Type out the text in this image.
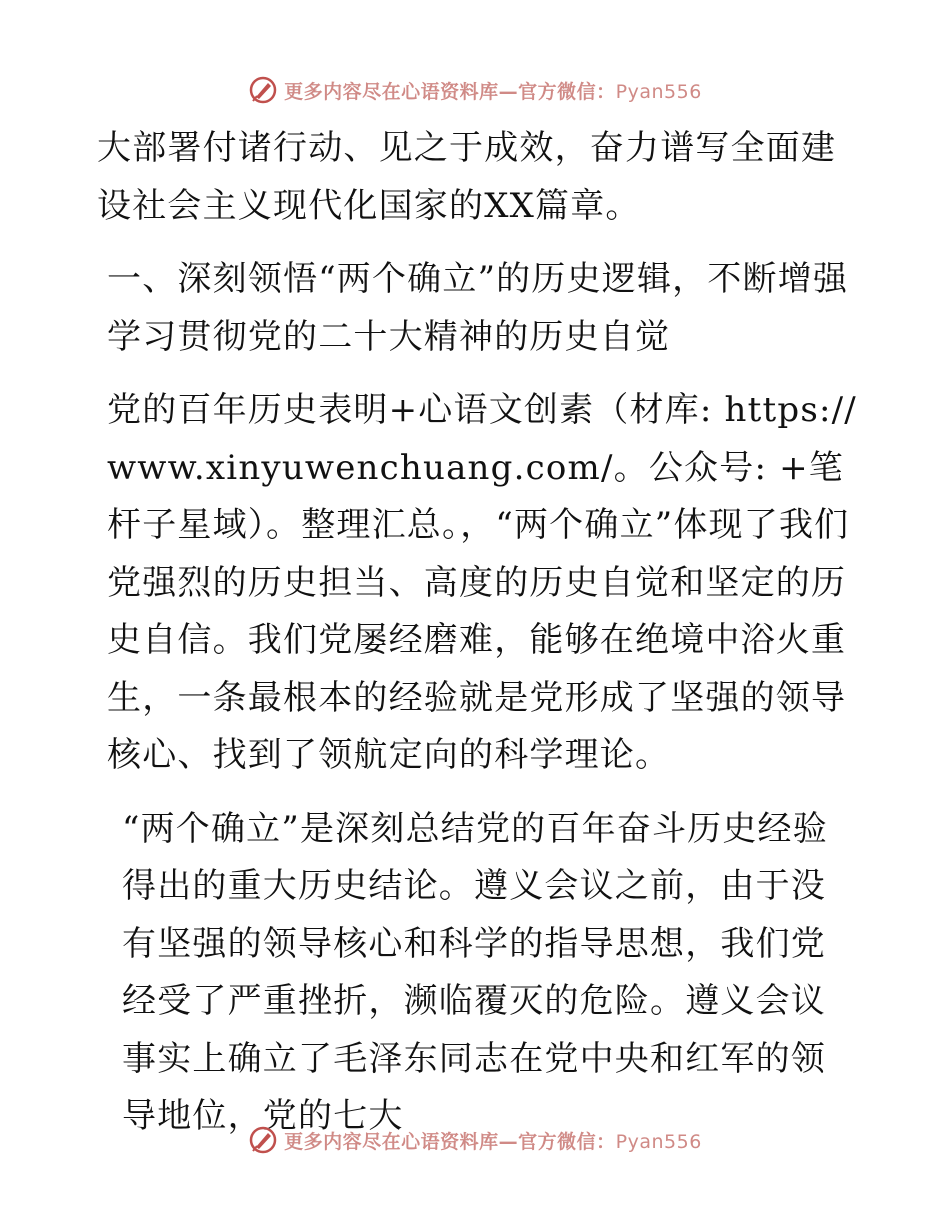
更多内容尽在心语资料库—官方微信：Pyan556

大部署付诸行动、见之于成效，奋力谱写全面建设社会主义现代化国家的XX篇章。

一、深刻领悟“两个确立”的历史逻辑，不断增强学习贯彻党的二十大精神的历史自觉

党的百年历史表明+心语文创素（材库: https://www.xinyuwenchuang.com/。公众号: +笔杆子星域）。整理汇总。，“两个确立”体现了我们党强烈的历史担当、高度的历史自觉和坚定的历史自信。我们党屡经磨难，能够在绝境中浴火重生，一条最根本的经验就是党形成了坚强的领导核心、找到了领航定向的科学理论。

“两个确立”是深刻总结党的百年奋斗历史经验得出的重大历史结论。遵义会议之前，由于没有坚强的领导核心和科学的指导思想，我们党经受了严重挫折，濒临覆灭的危险。遵义会议事实上确立了毛泽东同志在党中央和红军的领导地位，党的七大

更多内容尽在心语资料库—官方微信：Pyan556
